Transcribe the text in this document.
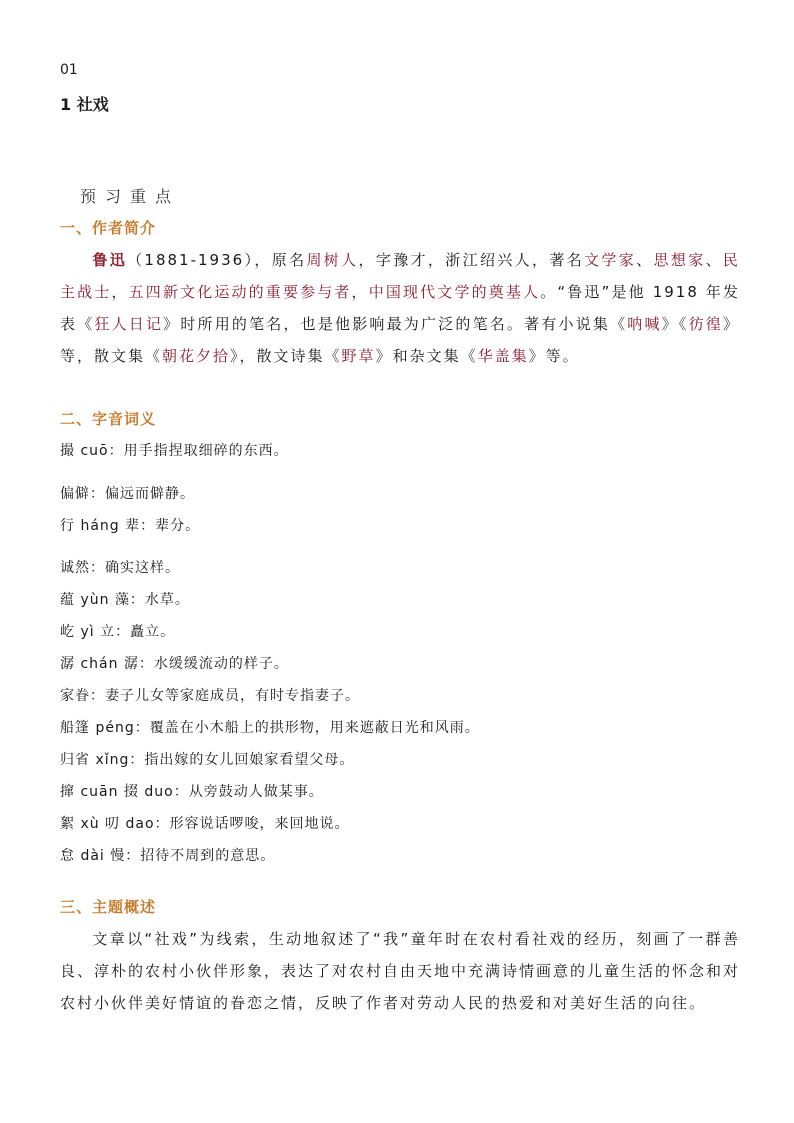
01
1 社戏
预习重点
一、作者简介

鲁迅（1881-1936），原名周树人，字豫才，浙江绍兴人，著名文学家、思想家、民主战士，五四新文化运动的重要参与者，中国现代文学的奠基人。“鲁迅”是他 1918 年发表《狂人日记》时所用的笔名，也是他影响最为广泛的笔名。著有小说集《呐喊》《彷徨》等，散文集《朝花夕拾》，散文诗集《野草》和杂文集《华盖集》等。

二、字音词义
撮 cuō：用手指捏取细碎的东西。
偏僻：偏远而僻静。
行 háng 辈：辈分。
诚然：确实这样。
蕴 yùn 藻：水草。
屹 yì 立：矗立。
潺 chán 潺：水缓缓流动的样子。
家眷：妻子儿女等家庭成员，有时专指妻子。
船篷 péng：覆盖在小木船上的拱形物，用来遮蔽日光和风雨。
归省 xǐng：指出嫁的女儿回娘家看望父母。
撺 cuān 掇 duo：从旁鼓动人做某事。
絮 xù 叨 dao：形容说话啰唆，来回地说。
怠 dài 慢：招待不周到的意思。
三、主题概述

文章以“社戏”为线索，生动地叙述了“我”童年时在农村看社戏的经历，刻画了一群善良、淳朴的农村小伙伴形象，表达了对农村自由天地中充满诗情画意的儿童生活的怀念和对农村小伙伴美好情谊的眷恋之情，反映了作者对劳动人民的热爱和对美好生活的向往。
